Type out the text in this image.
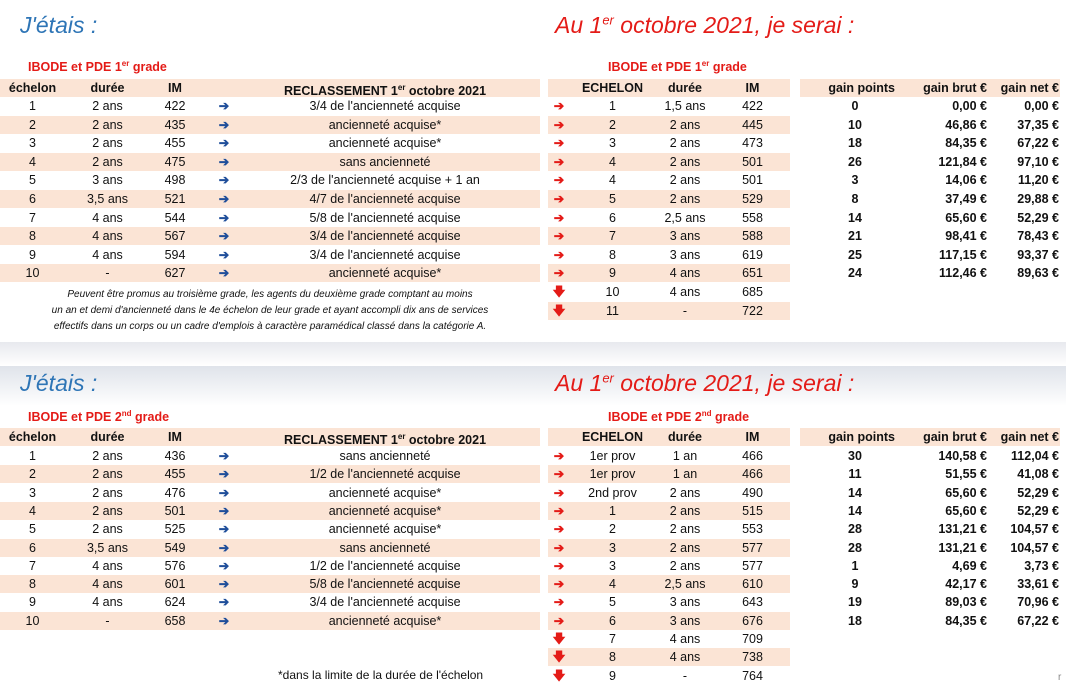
J'étais :	Au 1er octobre 2021, je serai :
IBODE et PDE 1er grade	IBODE et PDE 1er grade
échelon	durée	IM	RECLASSEMENT 1er octobre 2021	ECHELON	durée	IM	gain points	gain brut €	gain net €
1	2 ans	422	➔	3/4 de l'ancienneté acquise	➔	1	1,5 ans	422	0	0,00 €	0,00 €
2	2 ans	435	➔	ancienneté acquise*	➔	2	2 ans	445	10	46,86 €	37,35 €
3	2 ans	455	➔	ancienneté acquise*	➔	3	2 ans	473	18	84,35 €	67,22 €
4	2 ans	475	➔	sans ancienneté	➔	4	2 ans	501	26	121,84 €	97,10 €
5	3 ans	498	➔	2/3 de l'ancienneté acquise + 1 an	➔	4	2 ans	501	3	14,06 €	11,20 €
6	3,5 ans	521	➔	4/7 de l'ancienneté acquise	➔	5	2 ans	529	8	37,49 €	29,88 €
7	4 ans	544	➔	5/8 de l'ancienneté acquise	➔	6	2,5 ans	558	14	65,60 €	52,29 €
8	4 ans	567	➔	3/4 de l'ancienneté acquise	➔	7	3 ans	588	21	98,41 €	78,43 €
9	4 ans	594	➔	3/4 de l'ancienneté acquise	➔	8	3 ans	619	25	117,15 €	93,37 €
10	-	627	➔	ancienneté acquise*	➔	9	4 ans	651	24	112,46 €	89,63 €
🡇	10	4 ans	685
🡇	11	-	722
Peuvent être promus au troisième grade, les agents du deuxième grade comptant au moins
un an et demi d'ancienneté dans le 4e échelon de leur grade et ayant accompli dix ans de services
effectifs dans un corps ou un cadre d'emplois à caractère paramédical classé dans la catégorie A.
J'étais :	Au 1er octobre 2021, je serai :
IBODE et PDE 2nd grade	IBODE et PDE 2nd grade
échelon	durée	IM	RECLASSEMENT 1er octobre 2021	ECHELON	durée	IM	gain points	gain brut €	gain net €
1	2 ans	436	➔	sans ancienneté	➔	1er prov	1 an	466	30	140,58 €	112,04 €
2	2 ans	455	➔	1/2 de l'ancienneté acquise	➔	1er prov	1 an	466	11	51,55 €	41,08 €
3	2 ans	476	➔	ancienneté acquise*	➔	2nd prov	2 ans	490	14	65,60 €	52,29 €
4	2 ans	501	➔	ancienneté acquise*	➔	1	2 ans	515	14	65,60 €	52,29 €
5	2 ans	525	➔	ancienneté acquise*	➔	2	2 ans	553	28	131,21 €	104,57 €
6	3,5 ans	549	➔	sans ancienneté	➔	3	2 ans	577	28	131,21 €	104,57 €
7	4 ans	576	➔	1/2 de l'ancienneté acquise	➔	3	2 ans	577	1	4,69 €	3,73 €
8	4 ans	601	➔	5/8 de l'ancienneté acquise	➔	4	2,5 ans	610	9	42,17 €	33,61 €
9	4 ans	624	➔	3/4 de l'ancienneté acquise	➔	5	3 ans	643	19	89,03 €	70,96 €
10	-	658	➔	ancienneté acquise*	➔	6	3 ans	676	18	84,35 €	67,22 €
🡇	7	4 ans	709
🡇	8	4 ans	738
🡇	9	-	764
*dans la limite de la durée de l'échelon	r
